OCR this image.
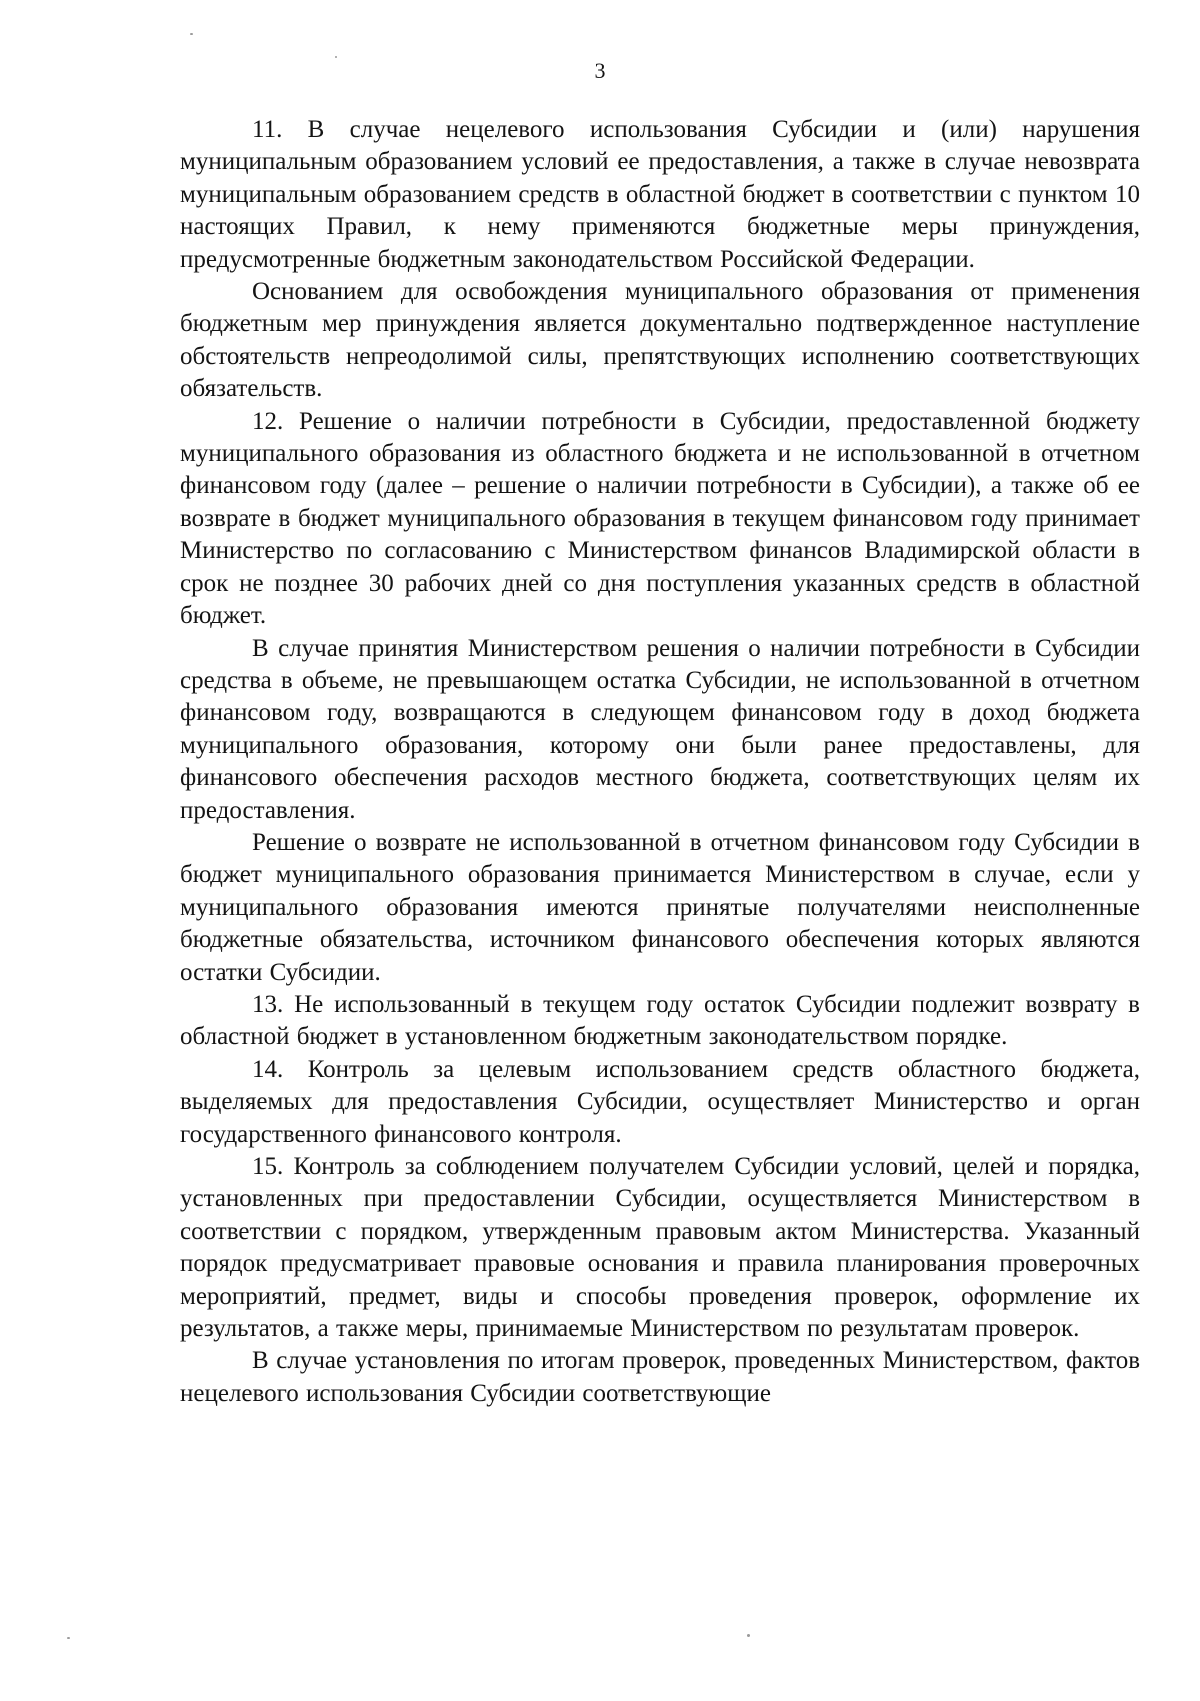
3

11. В случае нецелевого использования Субсидии и (или) нарушения муниципальным образованием условий ее предоставления, а также в случае невозврата муниципальным образованием средств в областной бюджет в соответствии с пунктом 10 настоящих Правил, к нему применяются бюджетные меры принуждения, предусмотренные бюджетным законодательством Российской Федерации.

Основанием для освобождения муниципального образования от применения бюджетным мер принуждения является документально подтвержденное наступление обстоятельств непреодолимой силы, препятствующих исполнению соответствующих обязательств.

12. Решение о наличии потребности в Субсидии, предоставленной бюджету муниципального образования из областного бюджета и не использованной в отчетном финансовом году (далее – решение о наличии потребности в Субсидии), а также об ее возврате в бюджет муниципального образования в текущем финансовом году принимает Министерство по согласованию с Министерством финансов Владимирской области в срок не позднее 30 рабочих дней со дня поступления указанных средств в областной бюджет.

В случае принятия Министерством решения о наличии потребности в Субсидии средства в объеме, не превышающем остатка Субсидии, не использованной в отчетном финансовом году, возвращаются в следующем финансовом году в доход бюджета муниципального образования, которому они были ранее предоставлены, для финансового обеспечения расходов местного бюджета, соответствующих целям их предоставления.

Решение о возврате не использованной в отчетном финансовом году Субсидии в бюджет муниципального образования принимается Министерством в случае, если у муниципального образования имеются принятые получателями неисполненные бюджетные обязательства, источником финансового обеспечения которых являются остатки Субсидии.

13. Не использованный в текущем году остаток Субсидии подлежит возврату в областной бюджет в установленном бюджетным законодательством порядке.

14. Контроль за целевым использованием средств областного бюджета, выделяемых для предоставления Субсидии, осуществляет Министерство и орган государственного финансового контроля.

15. Контроль за соблюдением получателем Субсидии условий, целей и порядка, установленных при предоставлении Субсидии, осуществляется Министерством в соответствии с порядком, утвержденным правовым актом Министерства. Указанный порядок предусматривает правовые основания и правила планирования проверочных мероприятий, предмет, виды и способы проведения проверок, оформление их результатов, а также меры, принимаемые Министерством по результатам проверок.

В случае установления по итогам проверок, проведенных Министерством, фактов нецелевого использования Субсидии соответствующие
